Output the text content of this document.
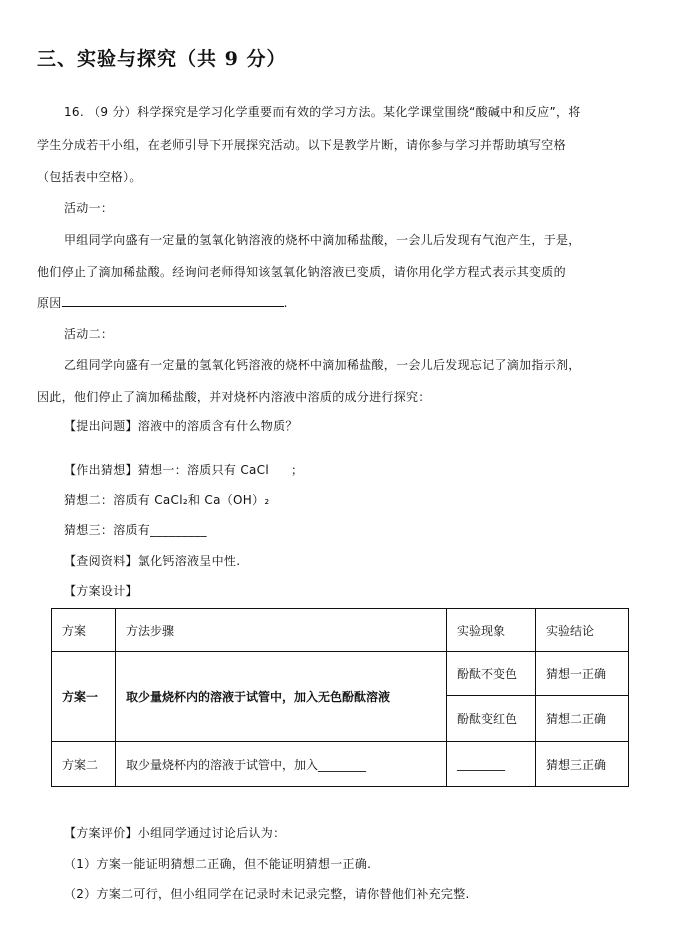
三、实验与探究（共 9 分）
16. （9 分）科学探究是学习化学重要而有效的学习方法。某化学课堂围绕“酸碱中和反应”，将
学生分成若干小组，在老师引导下开展探究活动。以下是教学片断，请你参与学习并帮助填写空格
（包括表中空格）。
活动一：
甲组同学向盛有一定量的氢氧化钠溶液的烧杯中滴加稀盐酸，一会儿后发现有气泡产生，于是，
他们停止了滴加稀盐酸。经询问老师得知该氢氧化钠溶液已变质，请你用化学方程式表示其变质的
原因	.
活动二：
乙组同学向盛有一定量的氢氧化钙溶液的烧杯中滴加稀盐酸，一会儿后发现忘记了滴加指示剂，
因此，他们停止了滴加稀盐酸，并对烧杯内溶液中溶质的成分进行探究：
【提出问题】溶液中的溶质含有什么物质？
【作出猜想】猜想一：溶质只有 CaCl ；
猜想二：溶质有 CaCl₂和 Ca（OH）₂
猜想三：溶质有_________
【查阅资料】氯化钙溶液呈中性.
【方案设计】
方案	方法步骤	实验现象	实验结论
方案一	取少量烧杯内的溶液于试管中，加入无色酚酞溶液	酚酞不变色	猜想一正确
		酚酞变红色	猜想二正确
方案二	取少量烧杯内的溶液于试管中，加入________	________	猜想三正确
【方案评价】小组同学通过讨论后认为：
（1）方案一能证明猜想二正确，但不能证明猜想一正确.
（2）方案二可行，但小组同学在记录时未记录完整，请你替他们补充完整.
